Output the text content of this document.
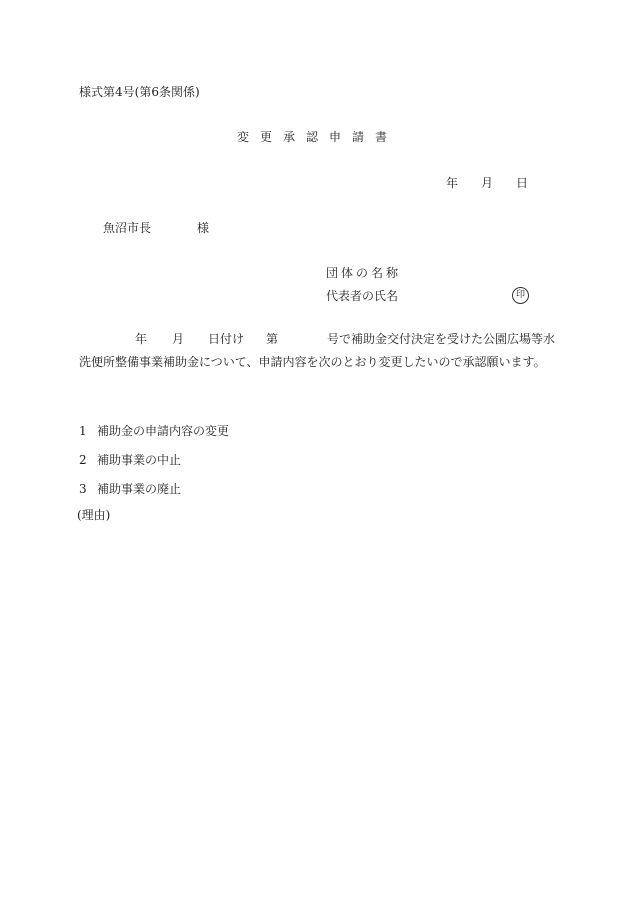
様式第4号(第6条関係)
変更承認申請書
年 月 日
魚沼市長	様
団体の名称
代表者の氏名	印
年 月 日付け 第	号で補助金交付決定を受けた公園広場等水
洗便所整備事業補助金について、申請内容を次のとおり変更したいので承認願います。
1 補助金の申請内容の変更
2 補助事業の中止
3 補助事業の廃止
(理由)
